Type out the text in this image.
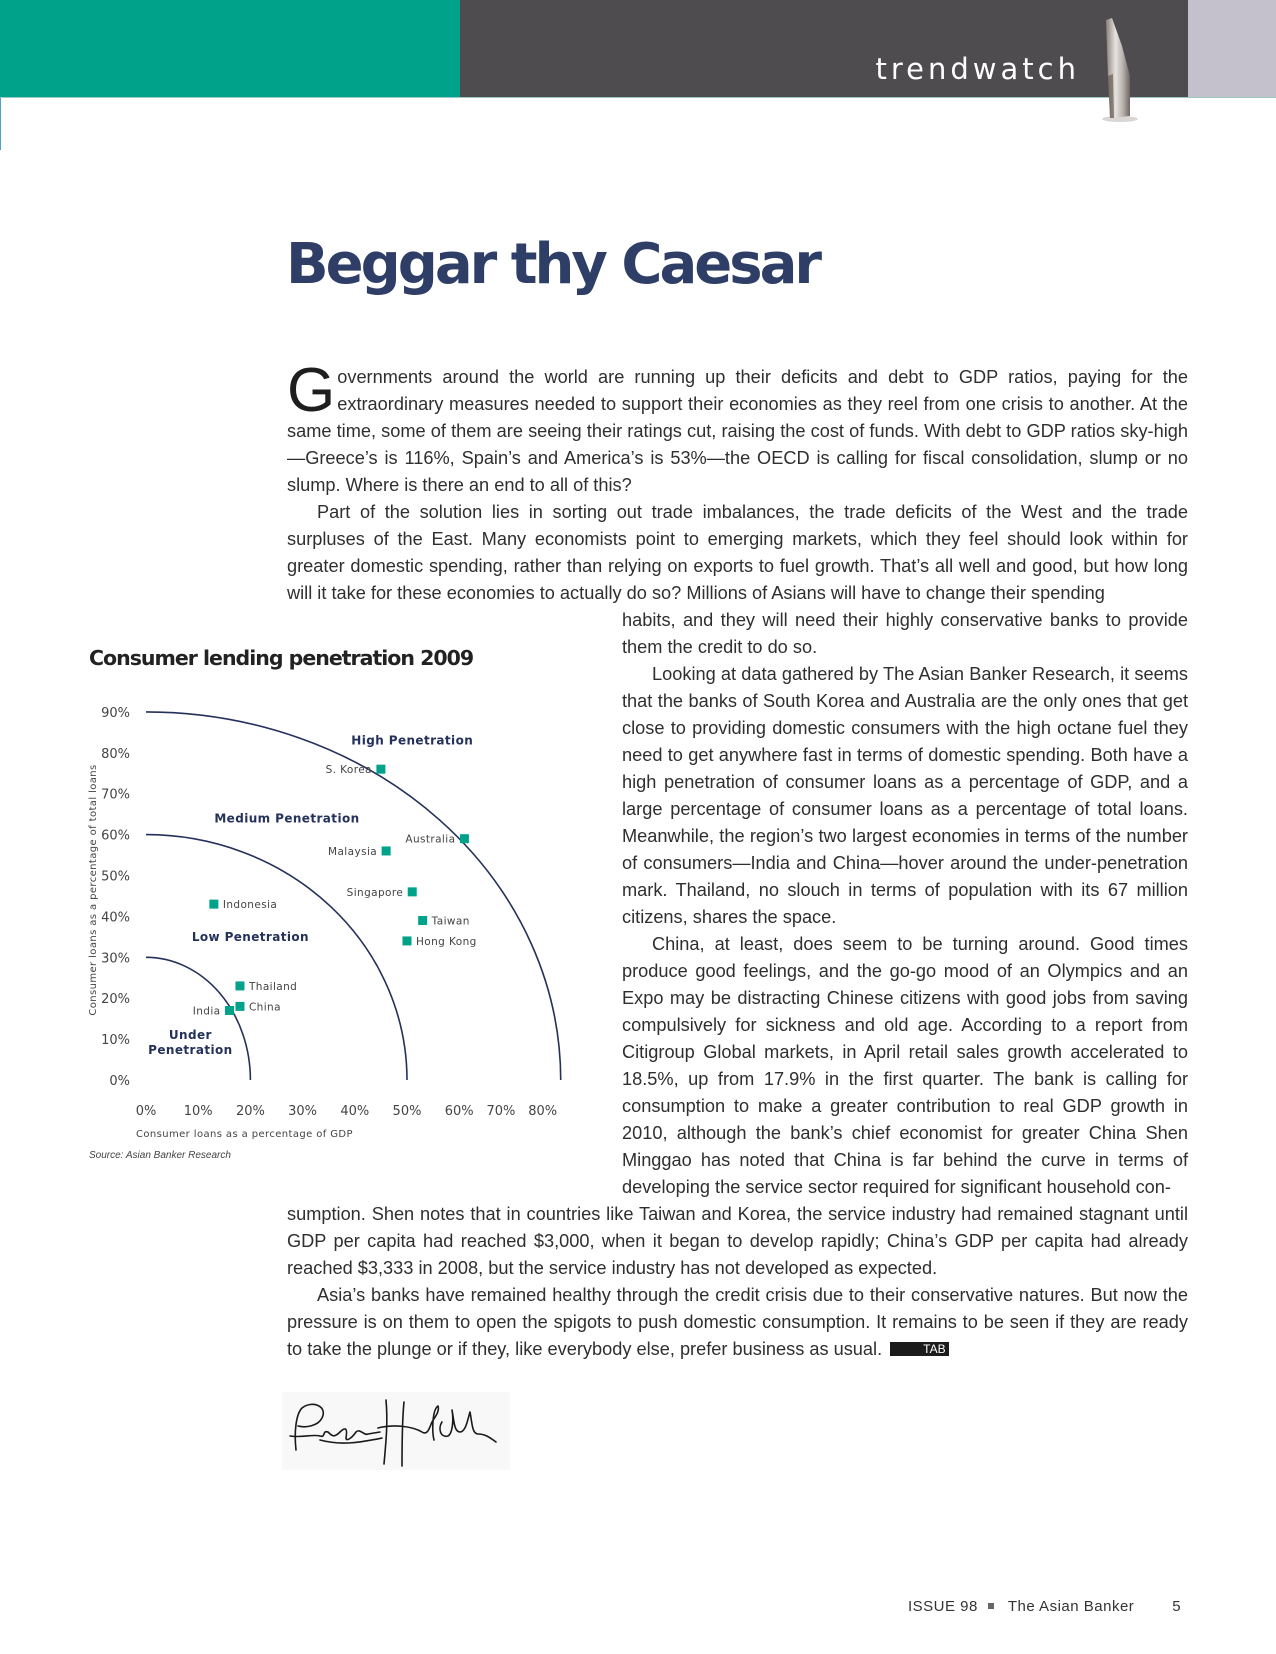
trendwatch
Beggar thy Caesar

Governments around the world are running up their deficits and debt to GDP ratios, paying for the extraordinary measures needed to support their economies as they reel from one crisis to another. At the same time, some of them are seeing their ratings cut, raising the cost of funds. With debt to GDP ratios sky-high—Greece’s is 116%, Spain’s and America’s is 53%—the OECD is calling for fiscal consolidation, slump or no slump. Where is there an end to all of this?

Part of the solution lies in sorting out trade imbalances, the trade deficits of the West and the trade surpluses of the East. Many economists point to emerging markets, which they feel should look within for greater domestic spending, rather than relying on exports to fuel growth. That’s all well and good, but how long will it take for these economies to actually do so? Millions of Asians will have to change their spending

habits, and they will need their highly conservative banks to provide them the credit to do so.

Looking at data gathered by The Asian Banker Research, it seems that the banks of South Korea and Australia are the only ones that get close to providing domestic consumers with the high octane fuel they need to get anywhere fast in terms of domestic spending. Both have a high penetration of consumer loans as a percentage of GDP, and a large percentage of consumer loans as a percentage of total loans. Meanwhile, the region’s two largest economies in terms of the number of consumers—India and China—hover around the under-penetration mark. Thailand, no slouch in terms of population with its 67 million citizens, shares the space.

China, at least, does seem to be turning around. Good times produce good feelings, and the go-go mood of an Olympics and an Expo may be distracting Chinese citizens with good jobs from saving compulsively for sickness and old age. According to a report from Citigroup Global markets, in April retail sales growth accelerated to 18.5%, up from 17.9% in the first quarter. The bank is calling for consumption to make a greater contribution to real GDP growth in 2010, although the bank’s chief economist for greater China Shen Minggao has noted that China is far behind the curve in terms of developing the service sector required for significant household con-

sumption. Shen notes that in countries like Taiwan and Korea, the service industry had remained stagnant until GDP per capita had reached $3,000, when it began to develop rapidly; China’s GDP per capita had already reached $3,333 in 2008, but the service industry has not developed as expected.

Asia’s banks have remained healthy through the credit crisis due to their conservative natures. But now the pressure is on them to open the spigots to push domestic consumption. It remains to be seen if they are ready to take the plunge or if they, like everybody else, prefer business as usual.	TAB

Consumer lending penetration 2009
0%
10%
20%
30%
40%
50%
60%
70%
80%
90%
0% 10% 20% 30% 40% 50% 60% 70% 80%
Consumer loans as a percentage of GDP
Consumer loans as a percentage of total loans
Under
Penetration
Low Penetration
Medium Penetration
High Penetration
S. Korea
Australia
Malaysia
Singapore
Taiwan
Hong Kong
Indonesia
Thailand
China
India
Source: Asian Banker Research
ISSUE 98 The Asian Banker	5
